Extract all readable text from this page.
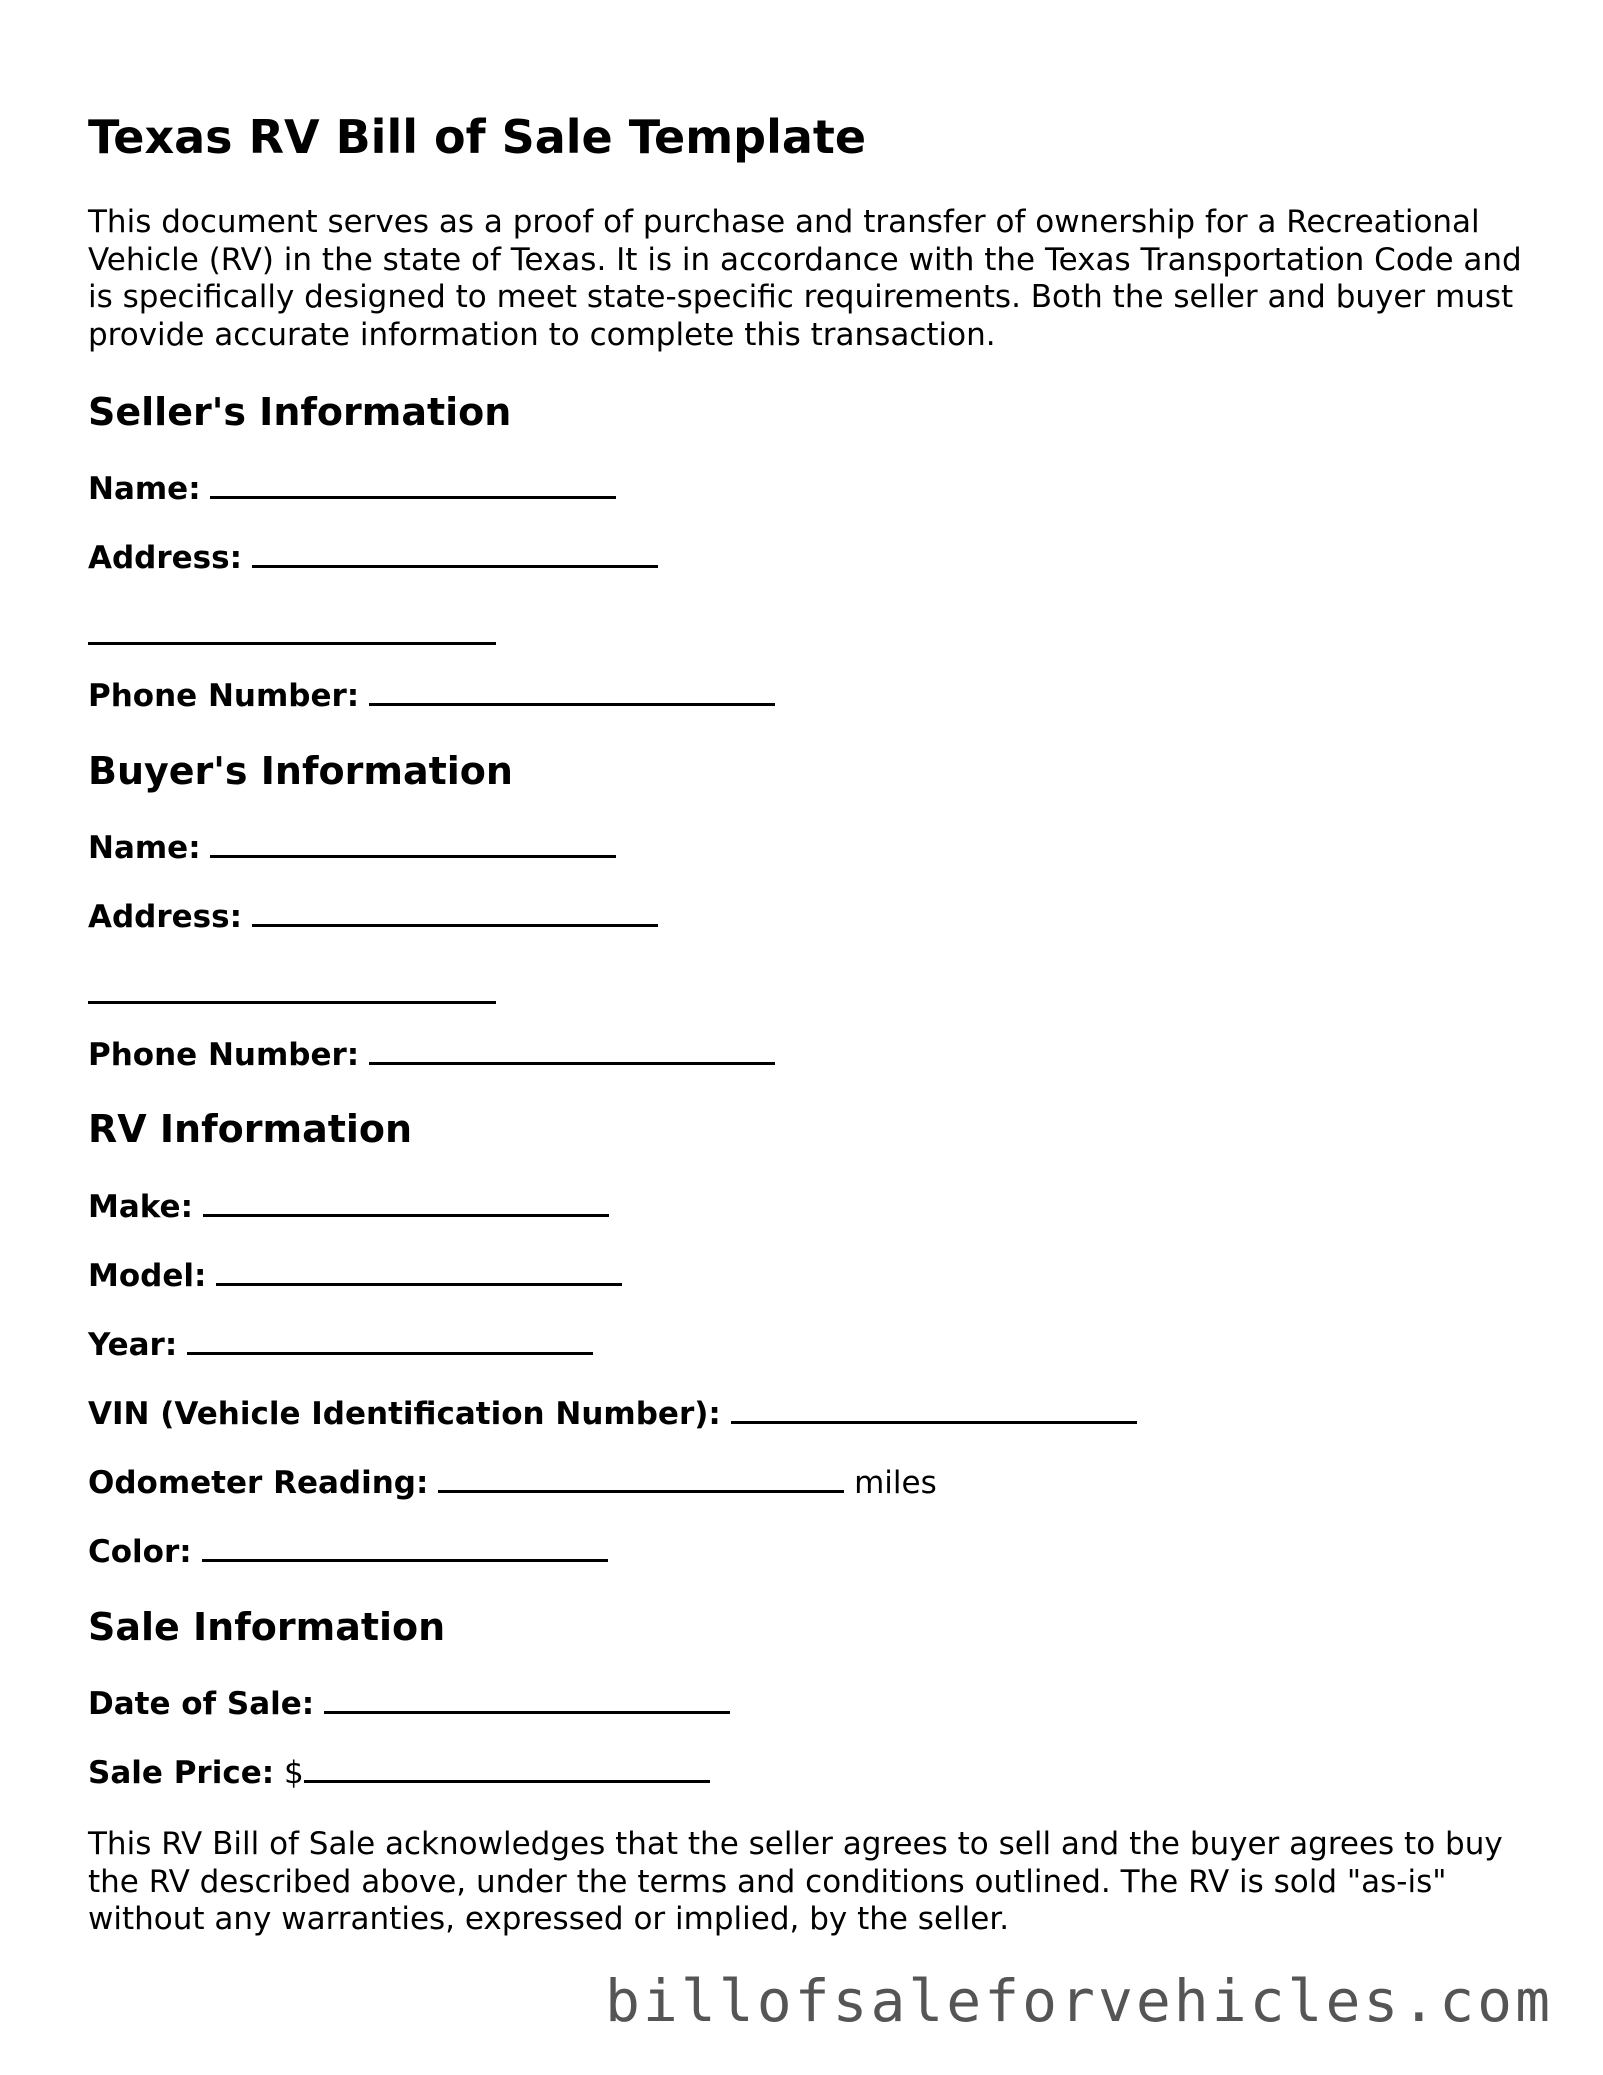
Texas RV Bill of Sale Template
This document serves as a proof of purchase and transfer of ownership for a Recreational Vehicle (RV) in the state of Texas. It is in accordance with the Texas Transportation Code and is specifically designed to meet state-specific requirements. Both the seller and buyer must provide accurate information to complete this transaction.
Seller's Information
Name:
Address:
Phone Number:
Buyer's Information
Name:
Address:
Phone Number:
RV Information
Make:
Model:
Year:
VIN (Vehicle Identification Number):
Odometer Reading:	miles
Color:
Sale Information
Date of Sale:
Sale Price: $
This RV Bill of Sale acknowledges that the seller agrees to sell and the buyer agrees to buy the RV described above, under the terms and conditions outlined. The RV is sold "as-is" without any warranties, expressed or implied, by the seller.
billofsaleforvehicles.com
